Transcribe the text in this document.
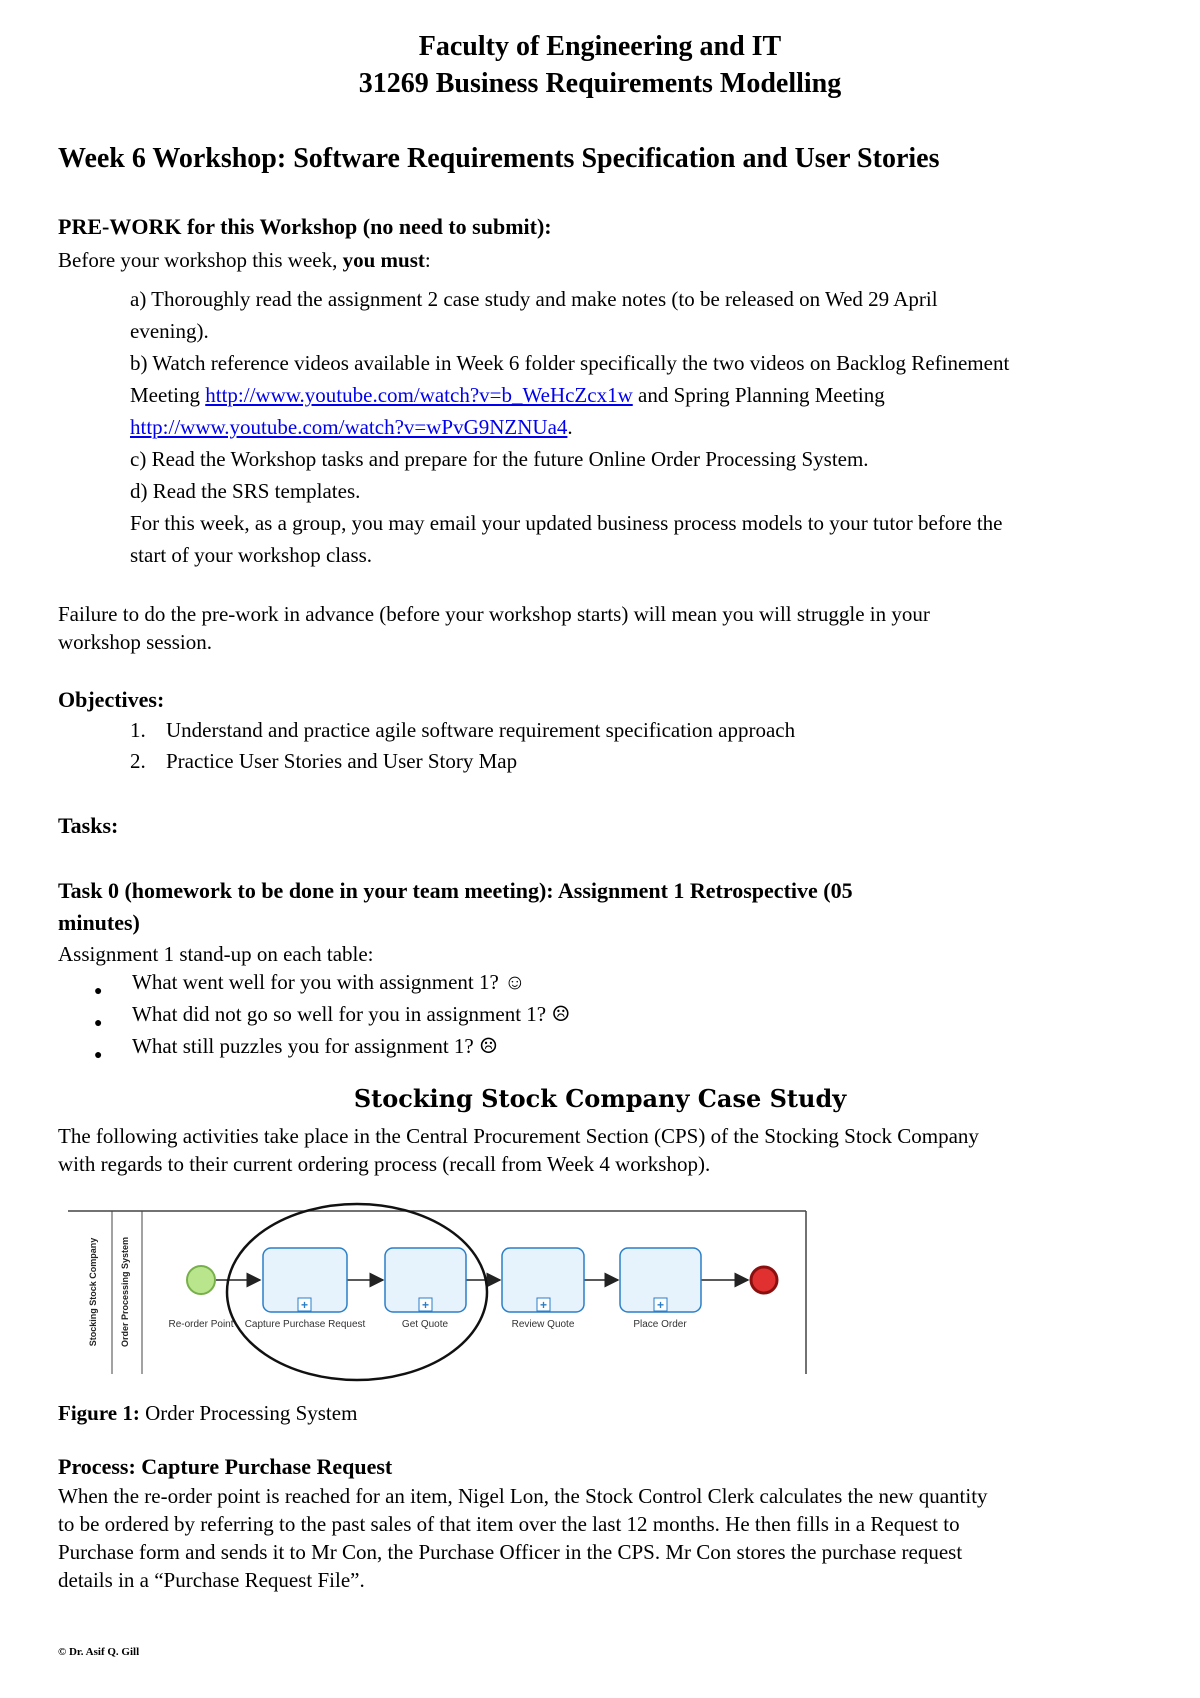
Faculty of Engineering and IT
31269 Business Requirements Modelling
Week 6 Workshop: Software Requirements Specification and User Stories
PRE-WORK for this Workshop (no need to submit):
Before your workshop this week, you must:
a) Thoroughly read the assignment 2 case study and make notes (to be released on Wed 29 April
evening).
b) Watch reference videos available in Week 6 folder specifically the two videos on Backlog Refinement
Meeting http://www.youtube.com/watch?v=b_WeHcZcx1w and Spring Planning Meeting
http://www.youtube.com/watch?v=wPvG9NZNUa4.
c) Read the Workshop tasks and prepare for the future Online Order Processing System.
d) Read the SRS templates.
For this week, as a group, you may email your updated business process models to your tutor before the
start of your workshop class.
Failure to do the pre-work in advance (before your workshop starts) will mean you will struggle in your
workshop session.
Objectives:
1. Understand and practice agile software requirement specification approach
2. Practice User Stories and User Story Map
Tasks:
Task 0 (homework to be done in your team meeting): Assignment 1 Retrospective (05
minutes)
Assignment 1 stand-up on each table:
● What went well for you with assignment 1? ☺
● What did not go so well for you in assignment 1? ☹
● What still puzzles you for assignment 1? ☹
Stocking Stock Company Case Study
The following activities take place in the Central Procurement Section (CPS) of the Stocking Stock Company
with regards to their current ordering process (recall from Week 4 workshop).
Stocking Stock Company Order Processing System	Re-order Point
+
Capture Purchase Request
+
Get Quote
+
Review Quote
+
Place Order
Figure 1: Order Processing System
Process: Capture Purchase Request
When the re-order point is reached for an item, Nigel Lon, the Stock Control Clerk calculates the new quantity
to be ordered by referring to the past sales of that item over the last 12 months. He then fills in a Request to
Purchase form and sends it to Mr Con, the Purchase Officer in the CPS. Mr Con stores the purchase request
details in a “Purchase Request File”.
© Dr. Asif Q. Gill
